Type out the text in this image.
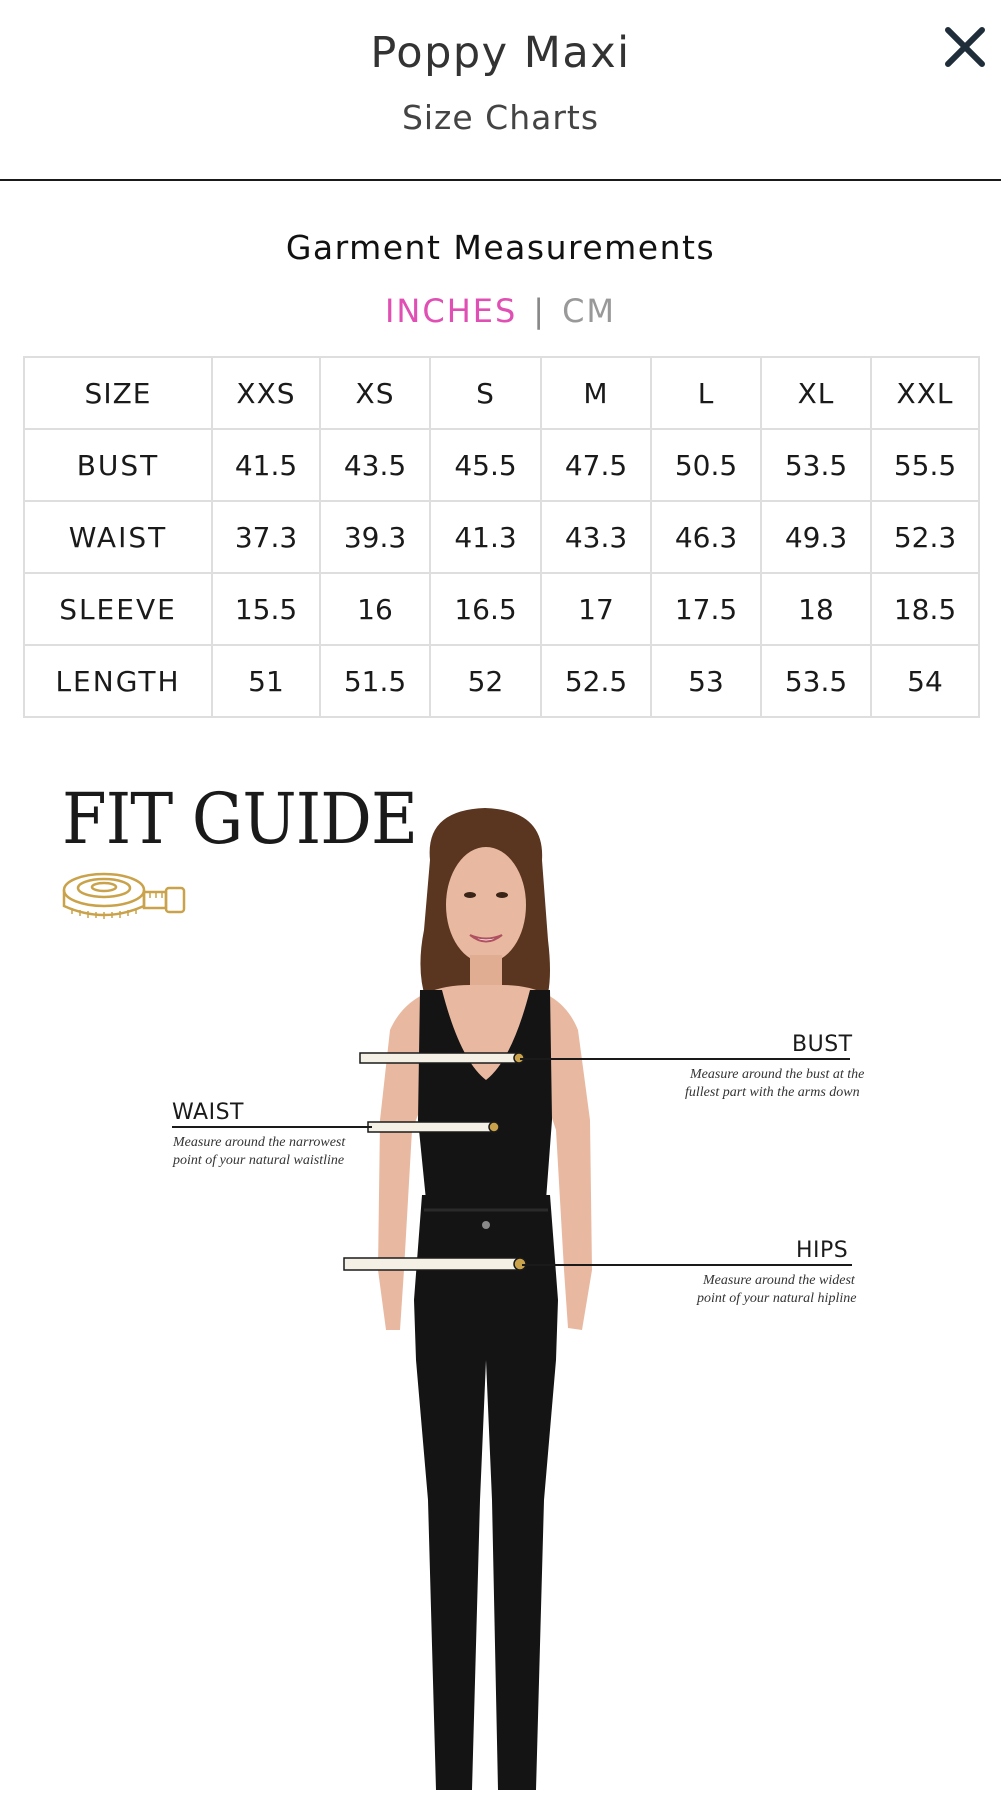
Poppy Maxi
Size Charts
Garment Measurements
INCHES | CM
SIZE	XXS	XS	S	M	L	XL	XXL
BUST	41.5	43.5	45.5	47.5	50.5	53.5	55.5
WAIST	37.3	39.3	41.3	43.3	46.3	49.3	52.3
SLEEVE	15.5	16	16.5	17	17.5	18	18.5
LENGTH	51	51.5	52	52.5	53	53.5	54
FIT GUIDE
BUST
Measure around the bust at the
fullest part with the arms down
WAIST
Measure around the narrowest
point of your natural waistline
HIPS
Measure around the widest
point of your natural hipline
